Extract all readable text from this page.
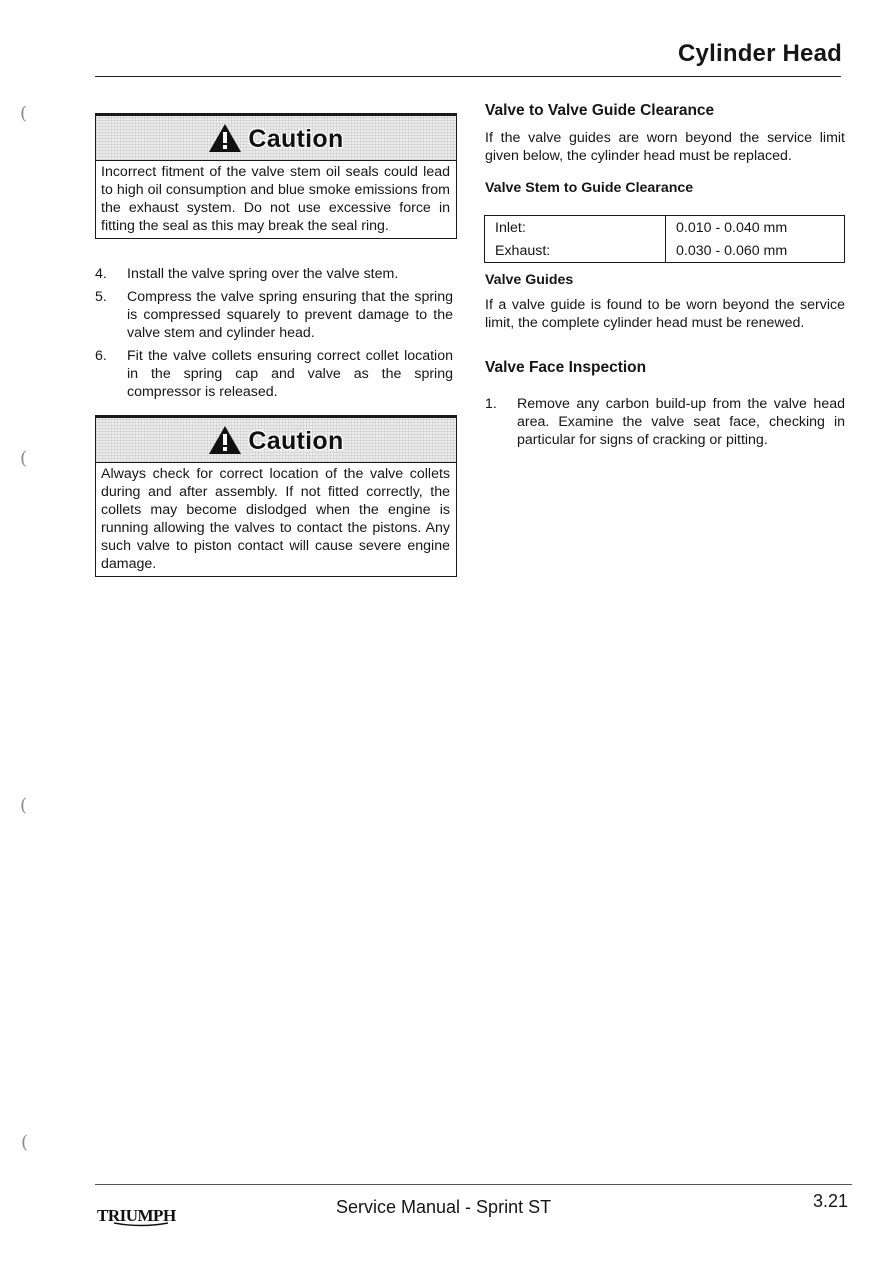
(
(
(
(
Cylinder Head
Caution
Incorrect fitment of the valve stem oil seals could lead to high oil consumption and blue smoke emissions from the exhaust system. Do not use excessive force in fitting the seal as this may break the seal ring.
4.	Install the valve spring over the valve stem.
5.	Compress the valve spring ensuring that the spring is compressed squarely to prevent damage to the valve stem and cylinder head.
6.	Fit the valve collets ensuring correct collet location in the spring cap and valve as the spring compressor is released.
Caution
Always check for correct location of the valve collets during and after assembly. If not fitted correctly, the collets may become dislodged when the engine is running allowing the valves to contact the pistons. Any such valve to piston contact will cause severe engine damage.
Valve to Valve Guide Clearance

If the valve guides are worn beyond the service limit given below, the cylinder head must be replaced.

Valve Stem to Guide Clearance
Inlet:	0.010 - 0.040 mm
Exhaust:	0.030 - 0.060 mm
Valve Guides

If a valve guide is found to be worn beyond the service limit, the complete cylinder head must be renewed.

Valve Face Inspection
1.	Remove any carbon build-up from the valve head area. Examine the valve seat face, checking in particular for signs of cracking or pitting.
TRIUMPH	Service Manual - Sprint ST	3.21
